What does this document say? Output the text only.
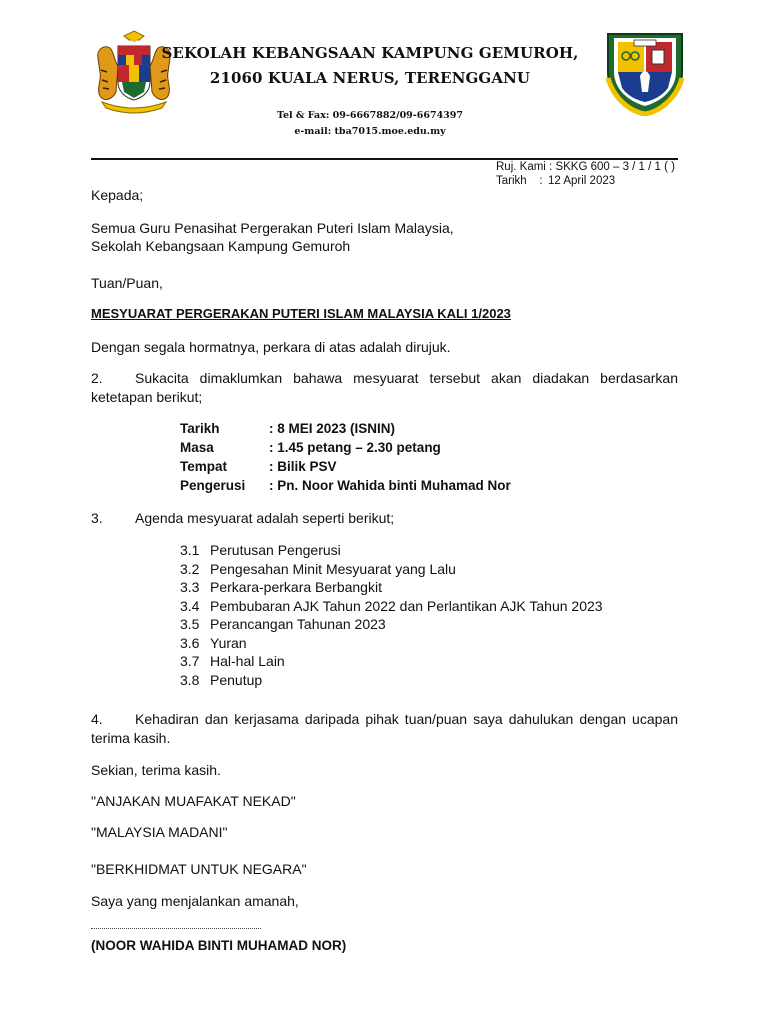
SEKOLAH KEBANGSAAN KAMPUNG GEMUROH,
21060 KUALA NERUS, TERENGGANU
Tel & Fax: 09-6667882/09-6674397
e-mail: tba7015.moe.edu.my
Ruj. Kami : SKKG 600 – 3 / 1 / 1 ( )
Tarikh	: 12 April 2023
Kepada;
Semua Guru Penasihat Pergerakan Puteri Islam Malaysia,
Sekolah Kebangsaan Kampung Gemuroh
Tuan/Puan,
MESYUARAT PERGERAKAN PUTERI ISLAM MALAYSIA KALI 1/2023
Dengan segala hormatnya, perkara di atas adalah dirujuk.
2.	Sukacita dimaklumkan bahawa mesyuarat tersebut akan diadakan berdasarkan
ketetapan berikut;
Tarikh	: 8 MEI 2023 (ISNIN)
Masa	: 1.45 petang – 2.30 petang
Tempat	: Bilik PSV
Pengerusi	: Pn. Noor Wahida binti Muhamad Nor
3.	Agenda mesyuarat adalah seperti berikut;
3.1 Perutusan Pengerusi
3.2 Pengesahan Minit Mesyuarat yang Lalu
3.3 Perkara-perkara Berbangkit
3.4 Pembubaran AJK Tahun 2022 dan Perlantikan AJK Tahun 2023
3.5 Perancangan Tahunan 2023
3.6 Yuran
3.7 Hal-hal Lain
3.8 Penutup
4.	Kehadiran dan kerjasama daripada pihak tuan/puan saya dahulukan dengan ucapan
terima kasih.
Sekian, terima kasih.
"ANJAKAN MUAFAKAT NEKAD"
"MALAYSIA MADANI"
"BERKHIDMAT UNTUK NEGARA"
Saya yang menjalankan amanah,
(NOOR WAHIDA BINTI MUHAMAD NOR)
